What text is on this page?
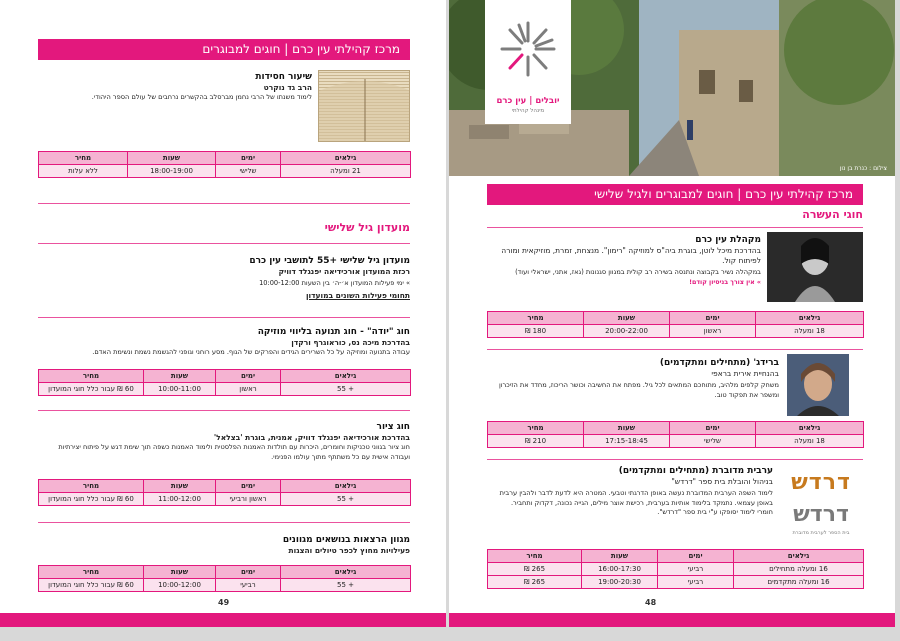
מרכז קהילתי עין כרם | חוגים למבוגרים
שיעור חסידות
הרב גד נוקרט
לימוד משנתו של הרבי נחמן מברסלב בהקשרים נרחבים של עולם הספר היהודי.
גילאים	ימים	שעות	מחיר
21 ומעלה	שלישי	18:00-19:00	ללא עלות
מועדון גיל שלישי
מועדון גיל שלישי +55 לתושבי עין כרם
רכזת המועדון אורכידיאה יפנגלד דוויק
» ימי פעילות המועדון א׳-ה׳ בין השעות 10:00-12:00
תחומי פעילות השונים במועדון
חוג "יודה" - חוג תנועה בליווי מוזיקה
בהדרכת מיכה נס, כוראוגרף ורקדן
עבודה בתנועה ומוזיקה על כל השרירים הגידים והפרקים של הגוף. מסע רוחני וגופני להגשמת נשמת ונשימת האדם.
גילאים	ימים	שעות	מחיר
+ 55	ראשון	10:00-11:00	60 ₪ עבור כלל חוגי המועדון
חוג ציור
בהדרכת אורכידיאה יפנגלד דוויק, אמנית, בוגרת 'בצלאל'
חוג ציור בגווני טכניקות וחומרים, היכרות עם תולדות האמנות הפלסטית ולימוד האמנות כשפה תוך שימת דגש על פיתוח יצירתיות ועבודה אישית עם כל משתתף מתוך עולמו הפנימי.
גילאים	ימים	שעות	מחיר
+ 55	ראשון ורביעי	11:00-12:00	60 ₪ עבור כלל חוגי המועדון
מגוון הרצאות בנושאים מגוונים
פעילויות מחוץ לכפר טיולים והצגות
גילאים	ימים	שעות	מחיר
+ 55	רביעי	10:00-12:00	60 ₪ עבור כלל חוגי המועדון
49
יובלים | עין כרם
מינהל קהילתי
צילום : כנרת בן נון
מרכז קהילתי עין כרם | חוגים למבוגרים ולגיל שלישי
חוגי העשרה
מקהלת עין כרם
בהדרכת מיכל לוטן, בוגרת ביה"ס למוזיקה "רימון". מנצחת, זמרת, מוזיקאית ומורה לפיתוח קול.
במקהלה נשיר בקבוצה ונתנסה בשירה רב קולית במגוון סגנונות (גאז, אתני, ישראלי ועוד)
» אין צורך בניסיון קודם!
גילאים	ימים	שעות	מחיר
18 ומעלה	ראשון	20:00-22:00	180 ₪
ברידג' (מתחילים ומתקדמים)
בהנחיית אירית בראפי
משחק קלפים מלהיב, מתוחכם המתאים לכל גיל. מפתח את החשיבה וכושר הריכוז, מחדד את הזיכרון ומשפר את תפקוד טוב.
גילאים	ימים	שעות	מחיר
18 ומעלה	שלישי	17:15-18:45	210 ₪
דרדש
דרדש
בית הספר לערבית מדוברת
ערבית מדוברת (מתחילים ומתקדמים)
בניהול והובלת בית ספר "דרדש"
לימוד השפה הערבית המדוברת נעשה באופן הדרגתי וטבעי. המטרה היא לדעת לדבר ולהבין ערבית באופן עצמאי. נתמקד בלימוד אותיות בערבית, רכישת אוצר מילים, הגייה נכונה, דקדוק ותחביר.
חומרי לימוד יסופקו ע"י בית ספר "דרדש".
גילאים	ימים	שעות	מחיר
16 ומעלה מתחילים	רביעי	16:00-17:30	265 ₪
16 ומעלה מתקדמים	רביעי	19:00-20:30	265 ₪
48
